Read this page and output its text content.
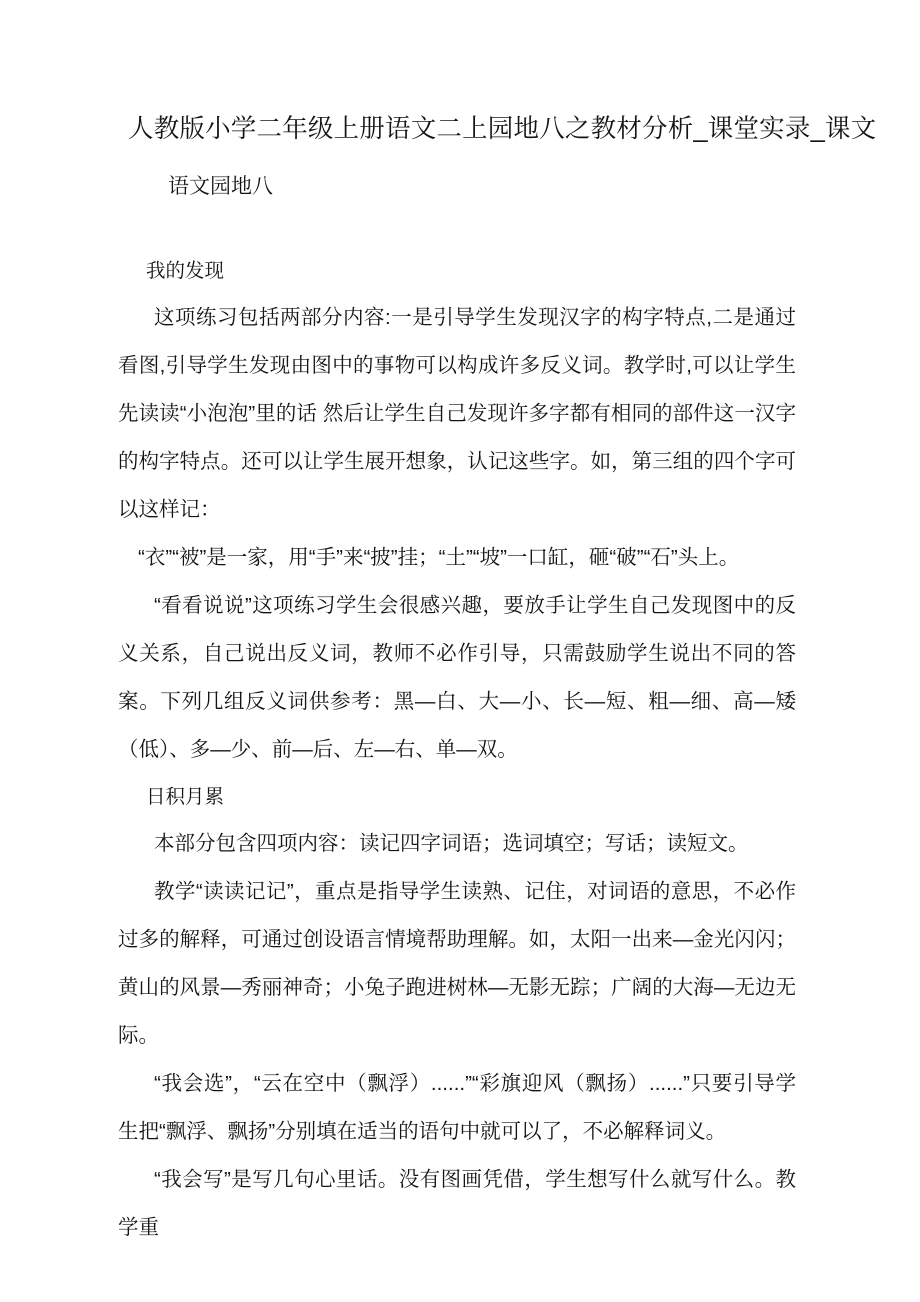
人教版小学二年级上册语文二上园地八之教材分析_课堂实录_课文
语文园地八
我的发现

这项练习包括两部分内容:一是引导学生发现汉字的构字特点,二是通过看图,引导学生发现由图中的事物可以构成许多反义词。教学时,可以让学生先读读“小泡泡”里的话 然后让学生自己发现许多字都有相同的部件这一汉字的构字特点。还可以让学生展开想象，认记这些字。如，第三组的四个字可以这样记：

“衣”“被”是一家，用“手”来“披”挂；“土”“坡”一口缸，砸“破”“石”头上。

“看看说说”这项练习学生会很感兴趣，要放手让学生自己发现图中的反义关系，自己说出反义词，教师不必作引导，只需鼓励学生说出不同的答案。下列几组反义词供参考：黑—白、大—小、长—短、粗—细、高—矮（低）、多—少、前—后、左—右、单—双。

日积月累

本部分包含四项内容：读记四字词语；选词填空；写话；读短文。

教学“读读记记”，重点是指导学生读熟、记住，对词语的意思，不必作过多的解释，可通过创设语言情境帮助理解。如，太阳一出来—金光闪闪；黄山的风景—秀丽神奇；小兔子跑进树林—无影无踪；广阔的大海—无边无际。

“我会选”，“云在空中（飘浮）......”“彩旗迎风（飘扬）......”只要引导学生把“飘浮、飘扬”分别填在适当的语句中就可以了，不必解释词义。

“我会写”是写几句心里话。没有图画凭借，学生想写什么就写什么。教学重
